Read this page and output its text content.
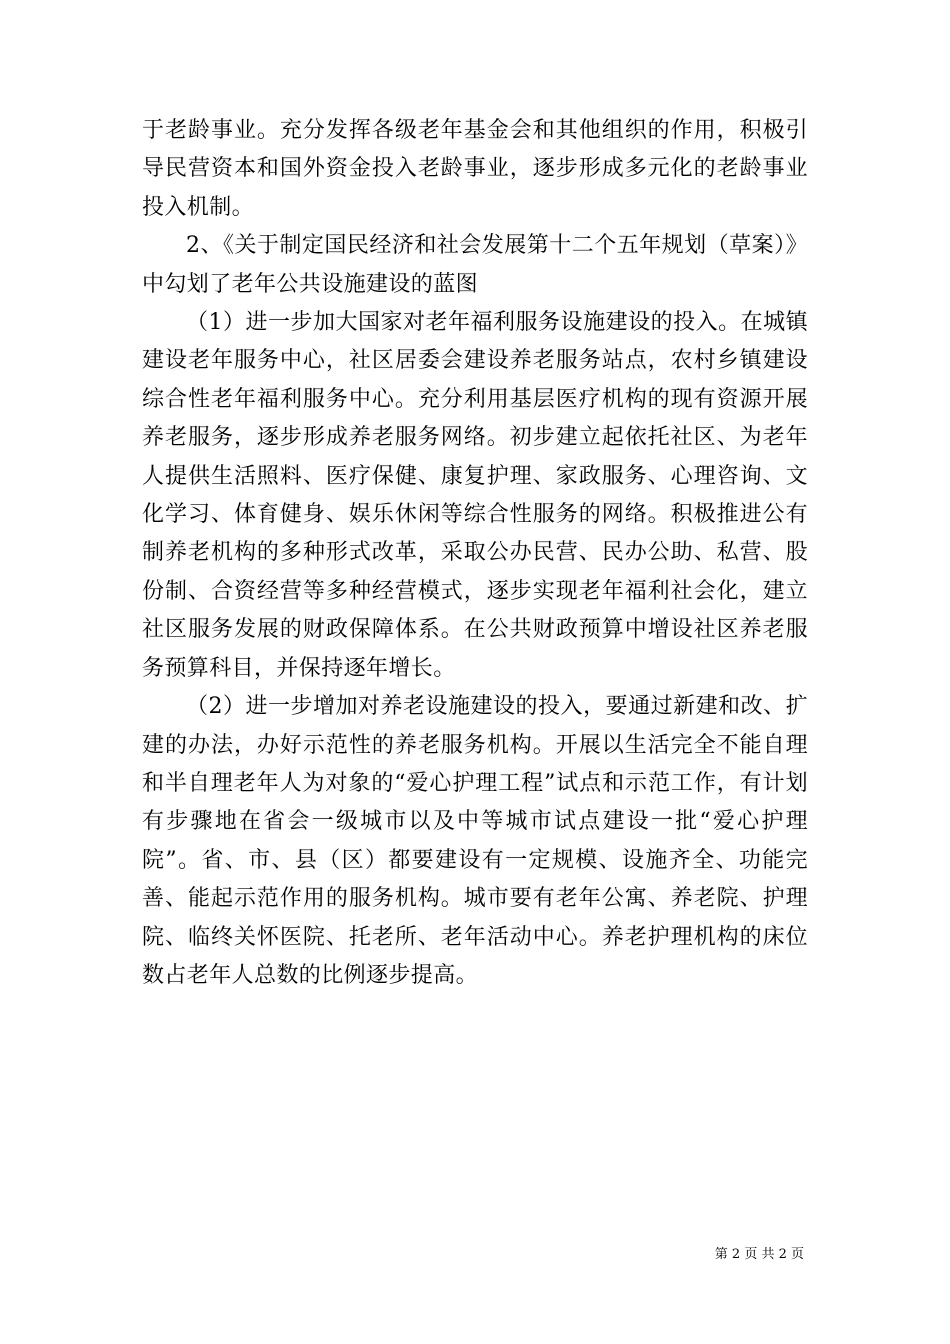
于老龄事业。充分发挥各级老年基金会和其他组织的作用，积极引导民营资本和国外资金投入老龄事业，逐步形成多元化的老龄事业投入机制。

2、《关于制定国民经济和社会发展第十二个五年规划（草案）》中勾划了老年公共设施建设的蓝图

（1）进一步加大国家对老年福利服务设施建设的投入。在城镇建设老年服务中心，社区居委会建设养老服务站点，农村乡镇建设综合性老年福利服务中心。充分利用基层医疗机构的现有资源开展养老服务，逐步形成养老服务网络。初步建立起依托社区、为老年人提供生活照料、医疗保健、康复护理、家政服务、心理咨询、文化学习、体育健身、娱乐休闲等综合性服务的网络。积极推进公有制养老机构的多种形式改革，采取公办民营、民办公助、私营、股份制、合资经营等多种经营模式，逐步实现老年福利社会化，建立社区服务发展的财政保障体系。在公共财政预算中增设社区养老服务预算科目，并保持逐年增长。

（2）进一步增加对养老设施建设的投入，要通过新建和改、扩建的办法，办好示范性的养老服务机构。开展以生活完全不能自理和半自理老年人为对象的“爱心护理工程”试点和示范工作，有计划有步骤地在省会一级城市以及中等城市试点建设一批“爱心护理院”。省、市、县（区）都要建设有一定规模、设施齐全、功能完善、能起示范作用的服务机构。城市要有老年公寓、养老院、护理院、临终关怀医院、托老所、老年活动中心。养老护理机构的床位数占老年人总数的比例逐步提高。

第 2 页 共 2 页
